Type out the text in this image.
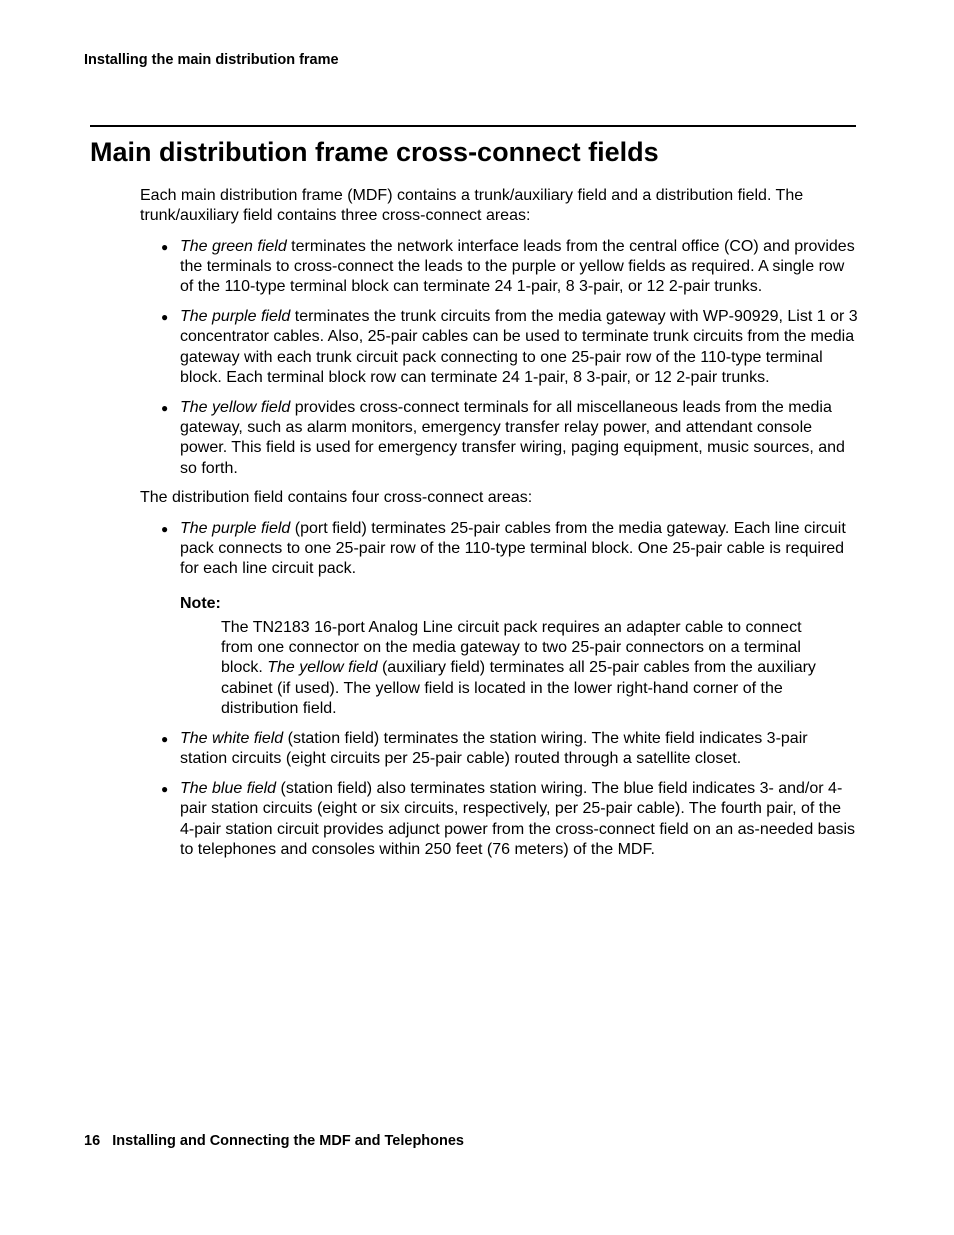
Installing the main distribution frame
Main distribution frame cross-connect fields

Each main distribution frame (MDF) contains a trunk/auxiliary field and a distribution field. The trunk/auxiliary field contains three cross-connect areas:

● The green field terminates the network interface leads from the central office (CO) and provides the terminals to cross-connect the leads to the purple or yellow fields as required. A single row of the 110-type terminal block can terminate 24 1-pair, 8 3-pair, or 12 2-pair trunks.
● The purple field terminates the trunk circuits from the media gateway with WP-90929, List 1 or 3 concentrator cables. Also, 25-pair cables can be used to terminate trunk circuits from the media gateway with each trunk circuit pack connecting to one 25-pair row of the 110-type terminal block. Each terminal block row can terminate 24 1-pair, 8 3-pair, or 12 2-pair trunks.
● The yellow field provides cross-connect terminals for all miscellaneous leads from the media gateway, such as alarm monitors, emergency transfer relay power, and attendant console power. This field is used for emergency transfer wiring, paging equipment, music sources, and so forth.

The distribution field contains four cross-connect areas:

● The purple field (port field) terminates 25-pair cables from the media gateway. Each line circuit pack connects to one 25-pair row of the 110-type terminal block. One 25-pair cable is required for each line circuit pack.
Note:
The TN2183 16-port Analog Line circuit pack requires an adapter cable to connect from one connector on the media gateway to two 25-pair connectors on a terminal block. The yellow field (auxiliary field) terminates all 25-pair cables from the auxiliary cabinet (if used). The yellow field is located in the lower right-hand corner of the distribution field.
● The white field (station field) terminates the station wiring. The white field indicates 3-pair station circuits (eight circuits per 25-pair cable) routed through a satellite closet.
● The blue field (station field) also terminates station wiring. The blue field indicates 3- and/or 4-pair station circuits (eight or six circuits, respectively, per 25-pair cable). The fourth pair, of the 4-pair station circuit provides adjunct power from the cross-connect field on an as-needed basis to telephones and consoles within 250 feet (76 meters) of the MDF.
16 Installing and Connecting the MDF and Telephones
